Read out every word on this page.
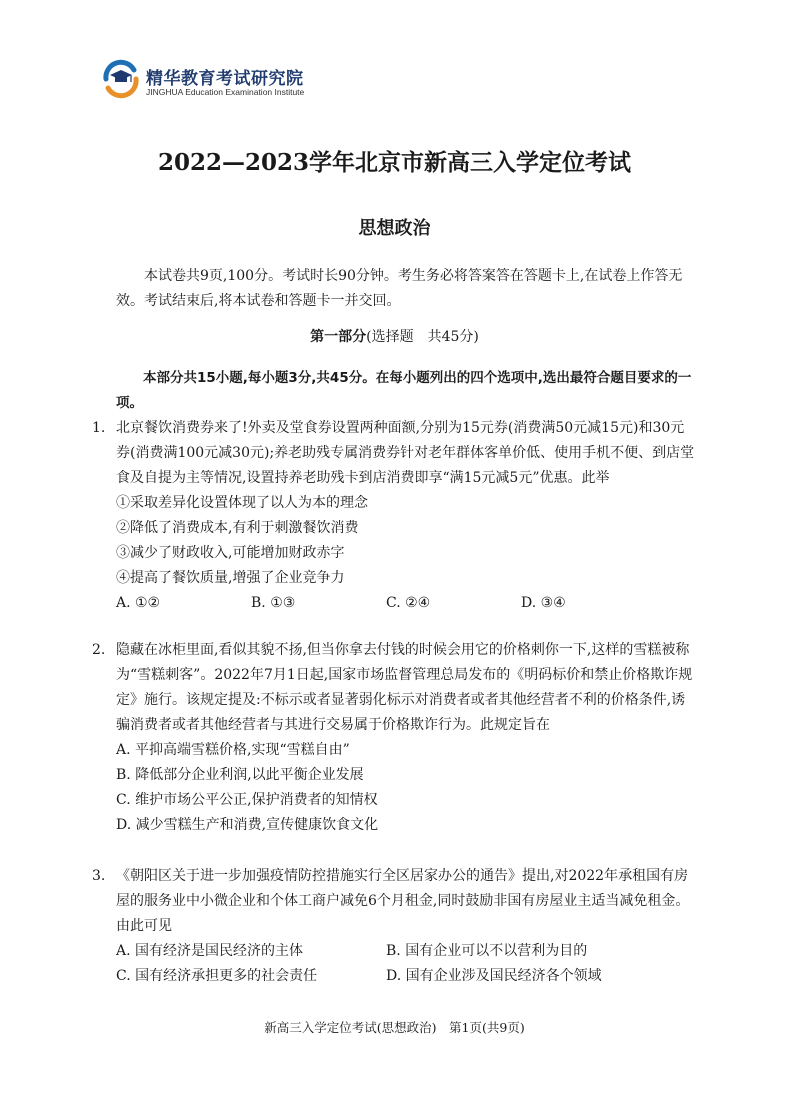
精华教育考试研究院
JINGHUA Education Examination Institute
2022—2023学年北京市新高三入学定位考试
思想政治
本试卷共9页,100分。考试时长90分钟。考生务必将答案答在答题卡上,在试卷上作答无效。考试结束后,将本试卷和答题卡一并交回。
第一部分(选择题　共45分)
本部分共15小题,每小题3分,共45分。在每小题列出的四个选项中,选出最符合题目要求的一项。
1. 北京餐饮消费券来了!外卖及堂食券设置两种面额,分别为15元券(消费满50元减15元)和30元券(消费满100元减30元);养老助残专属消费券针对老年群体客单价低、使用手机不便、到店堂食及自提为主等情况,设置持养老助残卡到店消费即享“满15元减5元”优惠。此举
①采取差异化设置体现了以人为本的理念
②降低了消费成本,有利于刺激餐饮消费
③减少了财政收入,可能增加财政赤字
④提高了餐饮质量,增强了企业竞争力
A. ①②	B. ①③	C. ②④	D. ③④
2. 隐藏在冰柜里面,看似其貌不扬,但当你拿去付钱的时候会用它的价格刺你一下,这样的雪糕被称为“雪糕刺客”。2022年7月1日起,国家市场监督管理总局发布的《明码标价和禁止价格欺诈规定》施行。该规定提及:不标示或者显著弱化标示对消费者或者其他经营者不利的价格条件,诱骗消费者或者其他经营者与其进行交易属于价格欺诈行为。此规定旨在
A. 平抑高端雪糕价格,实现“雪糕自由”
B. 降低部分企业利润,以此平衡企业发展
C. 维护市场公平公正,保护消费者的知情权
D. 减少雪糕生产和消费,宣传健康饮食文化
3. 《朝阳区关于进一步加强疫情防控措施实行全区居家办公的通告》提出,对2022年承租国有房屋的服务业中小微企业和个体工商户减免6个月租金,同时鼓励非国有房屋业主适当减免租金。由此可见
A. 国有经济是国民经济的主体	B. 国有企业可以不以营利为目的
C. 国有经济承担更多的社会责任	D. 国有企业涉及国民经济各个领域
新高三入学定位考试(思想政治)　第1页(共9页)
